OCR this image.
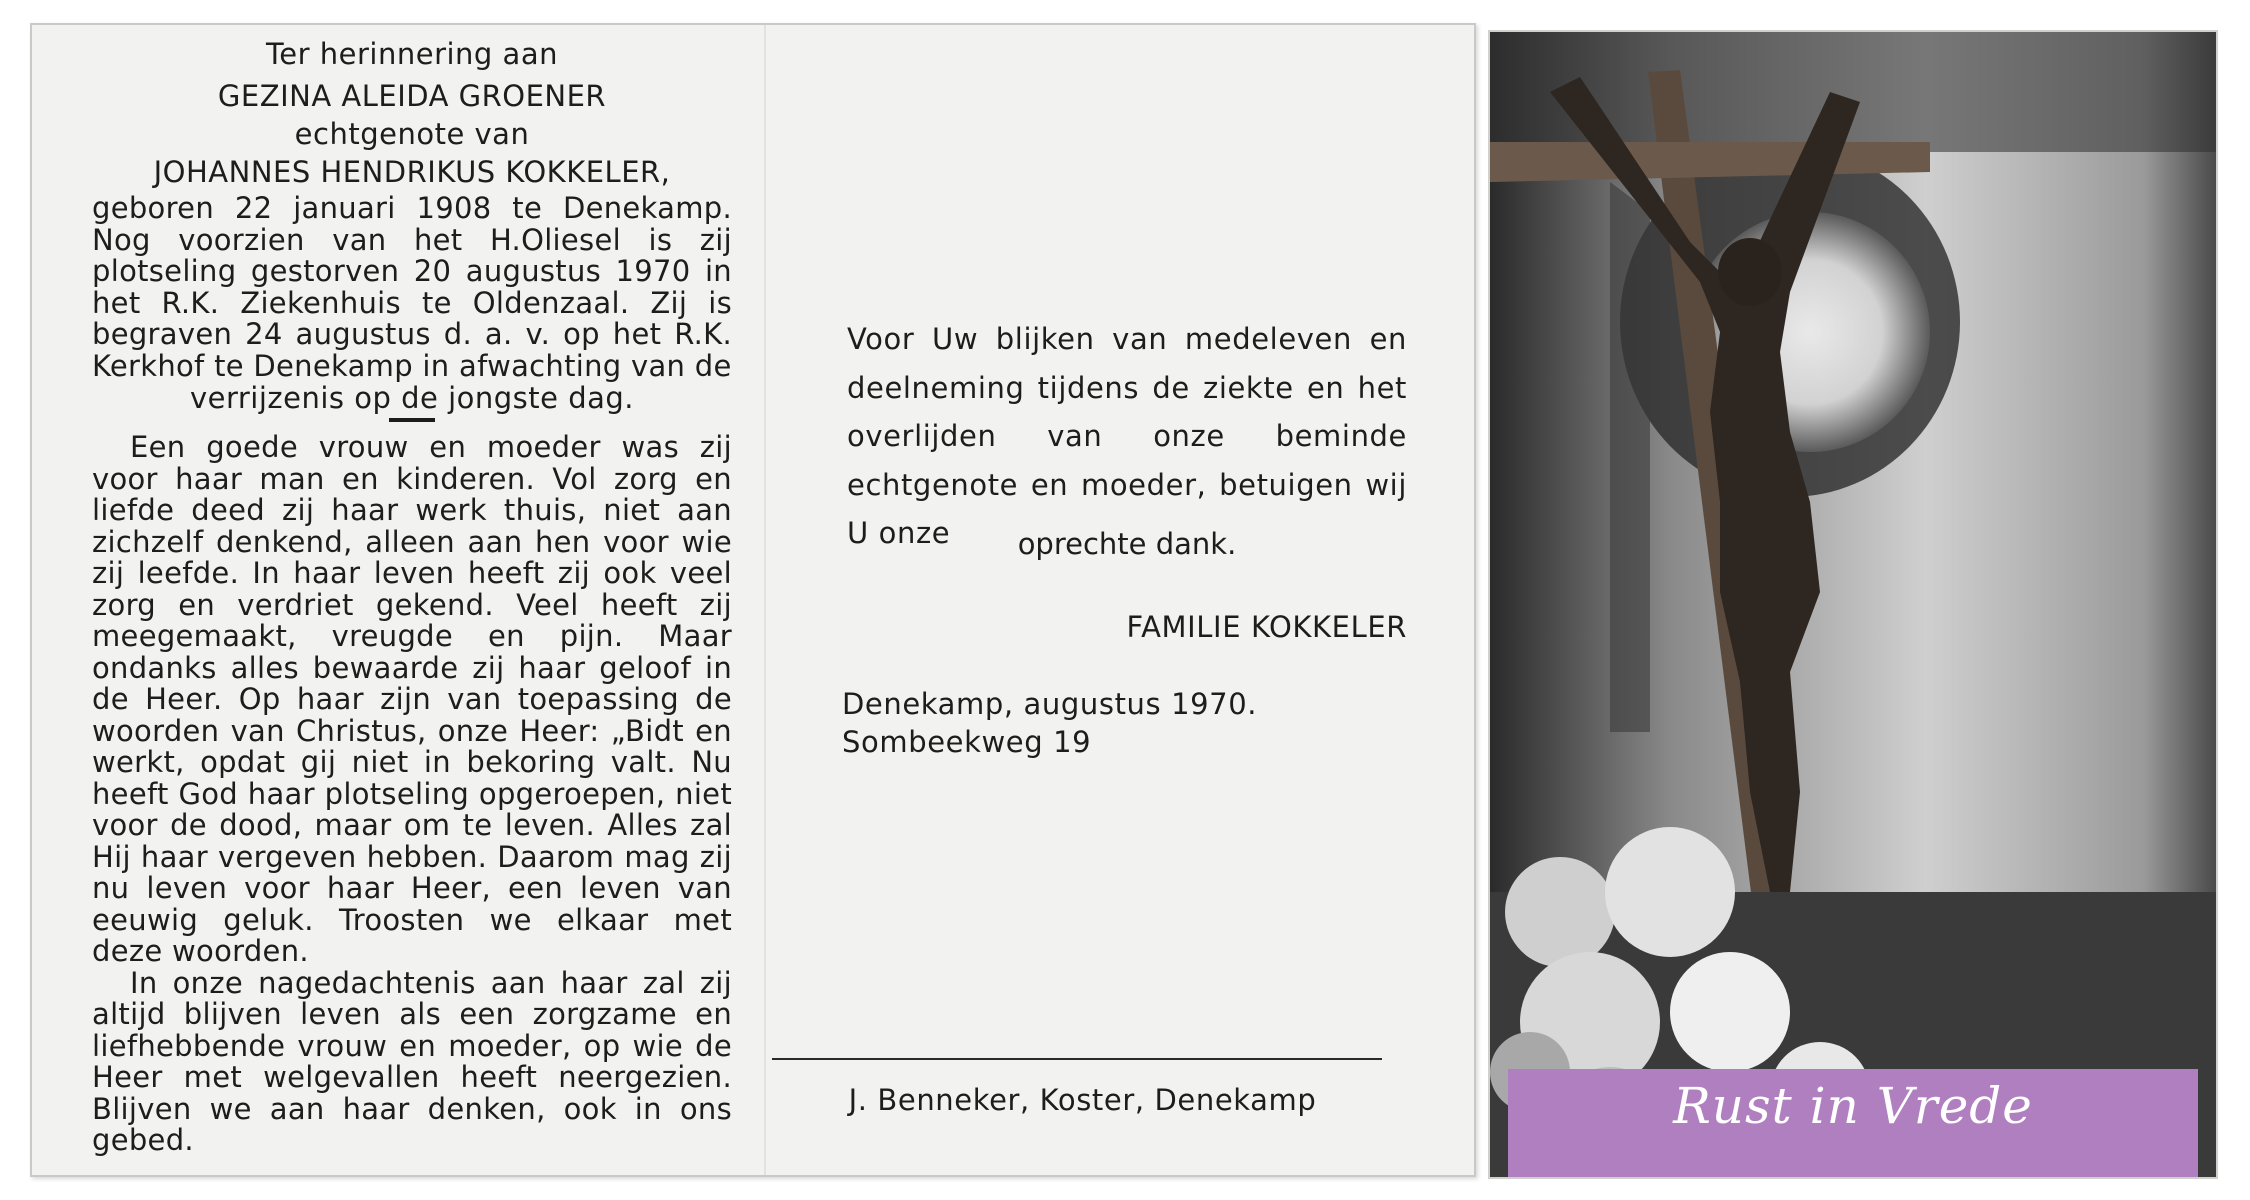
Ter herinnering aan
GEZINA ALEIDA GROENER
echtgenote van
JOHANNES HENDRIKUS KOKKELER,
geboren 22 januari 1908 te Denekamp. Nog voorzien van het H.Oliesel is zij plotseling gestorven 20 augustus 1970 in het R.K. Ziekenhuis te Oldenzaal. Zij is begraven 24 augustus d. a. v. op het R.K. Kerkhof te Denekamp in afwachting van de
verrijzenis op de jongste dag.
Een goede vrouw en moeder was zij voor haar man en kinderen. Vol zorg en liefde deed zij haar werk thuis, niet aan zichzelf denkend, alleen aan hen voor wie zij leefde. In haar leven heeft zij ook veel zorg en verdriet gekend. Veel heeft zij meegemaakt, vreugde en pijn. Maar ondanks alles bewaarde zij haar geloof in de Heer. Op haar zijn van toepassing de woorden van Christus, onze Heer: „Bidt en werkt, opdat gij niet in bekoring valt. Nu heeft God haar plotseling opgeroepen, niet voor de dood, maar om te leven. Alles zal Hij haar vergeven hebben. Daarom mag zij nu leven voor haar Heer, een leven van eeuwig geluk. Troosten we elkaar met deze woorden.
In onze nagedachtenis aan haar zal zij altijd blijven leven als een zorgzame en liefhebbende vrouw en moeder, op wie de Heer met welgevallen heeft neergezien. Blijven we aan haar denken, ook in ons gebed.
Voor Uw blijken van medeleven en deelneming tijdens de ziekte en het overlijden van onze beminde echtgenote en moeder, betuigen wij U onze	oprechte dank.
FAMILIE KOKKELER
Denekamp, augustus 1970.
Sombeekweg 19
J. Benneker, Koster, Denekamp	Rust in Vrede
